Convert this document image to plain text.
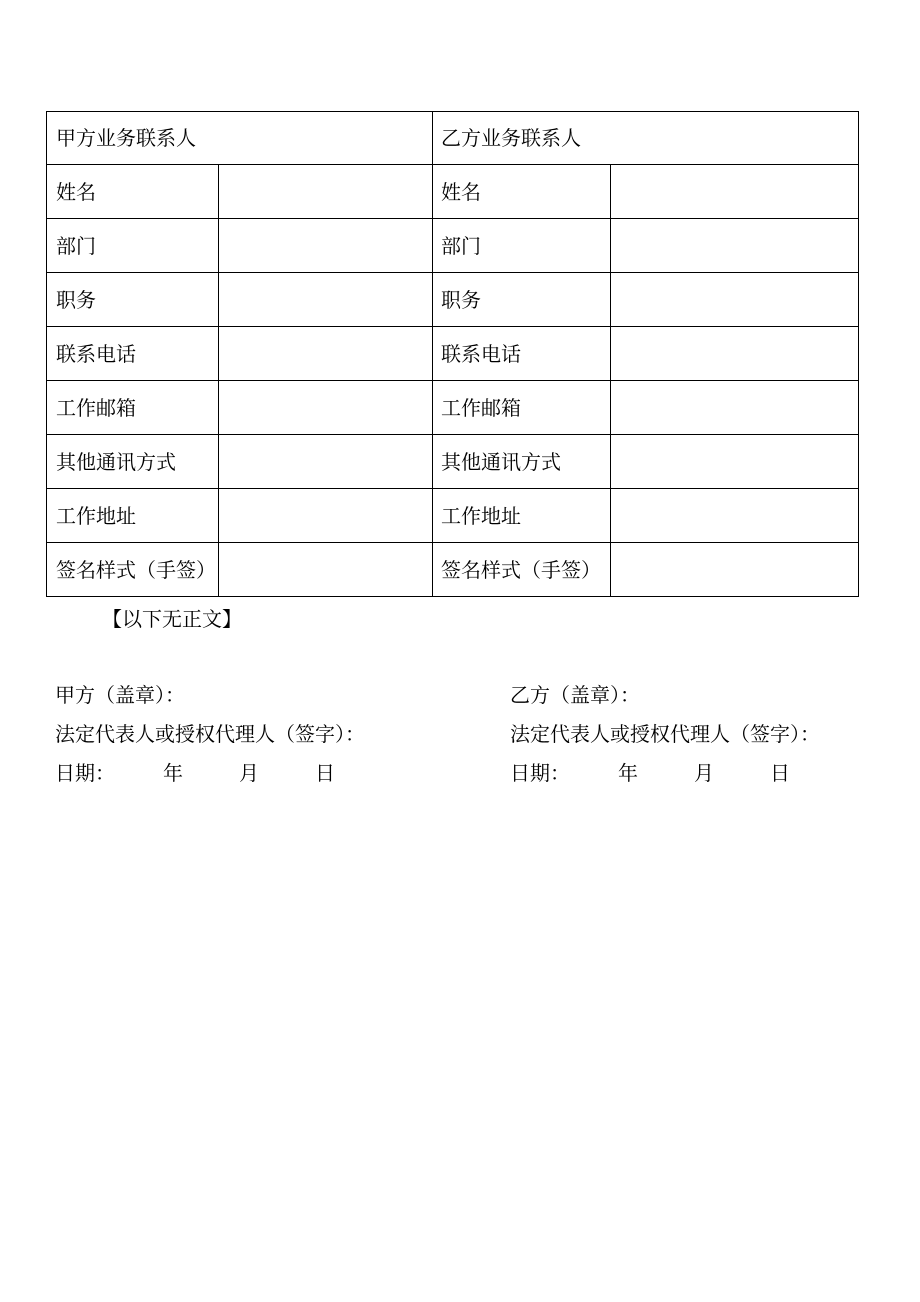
甲方业务联系人		乙方业务联系人	
姓名		姓名	
部门		部门	
职务		职务	
联系电话		联系电话	
工作邮箱		工作邮箱	
其他通讯方式		其他通讯方式	
工作地址		工作地址	
签名样式（手签）		签名样式（手签）	
【以下无正文】
甲方（盖章）：
法定代表人或授权代理人（签字）：
日期： 年	月	日
乙方（盖章）：
法定代表人或授权代理人（签字）：
日期： 年	月	日
